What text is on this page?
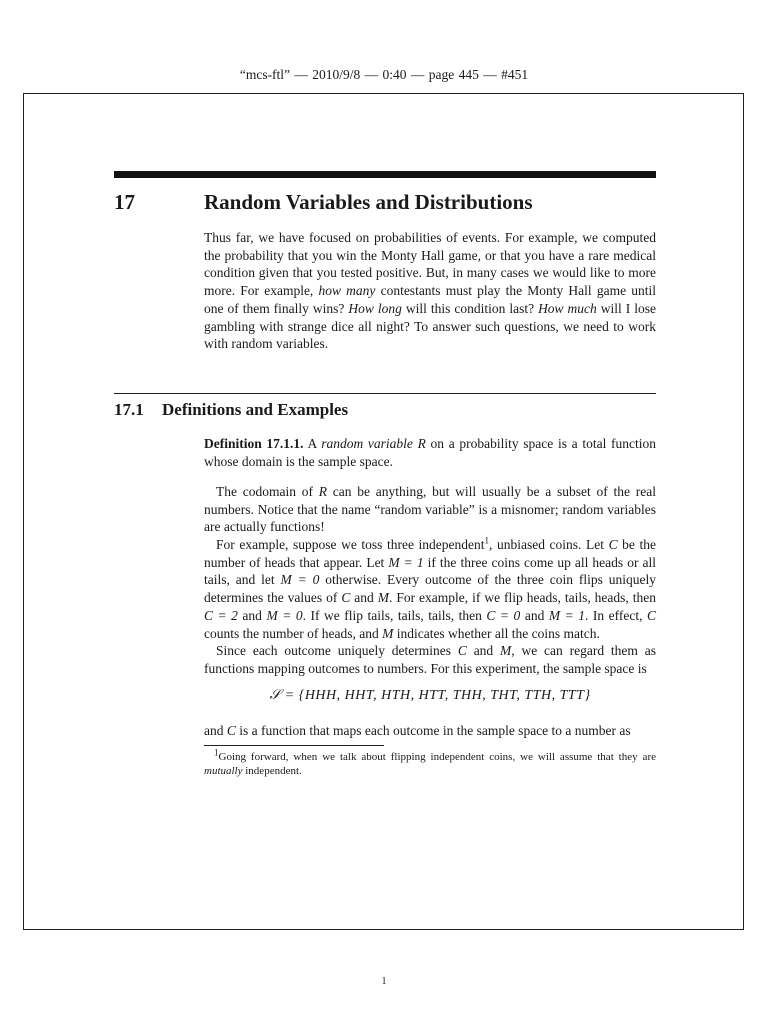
“mcs-ftl” — 2010/9/8 — 0:40 — page 445 — #451
17	Random Variables and Distributions

Thus far, we have focused on probabilities of events. For example, we computed the probability that you win the Monty Hall game, or that you have a rare medical condition given that you tested positive. But, in many cases we would like to more more. For example, how many contestants must play the Monty Hall game until one of them finally wins? How long will this condition last? How much will I lose gambling with strange dice all night? To answer such questions, we need to work with random variables.

17.1 Definitions and Examples

Definition 17.1.1. A random variable R on a probability space is a total function whose domain is the sample space.

The codomain of R can be anything, but will usually be a subset of the real numbers. Notice that the name “random variable” is a misnomer; random variables are actually functions!

For example, suppose we toss three independent$^1$, unbiased coins. Let C be the number of heads that appear. Let M = 1 if the three coins come up all heads or all tails, and let M = 0 otherwise. Every outcome of the three coin flips uniquely determines the values of C and M. For example, if we flip heads, tails, heads, then C = 2 and M = 0. If we flip tails, tails, tails, then C = 0 and M = 1. In effect, C counts the number of heads, and M indicates whether all the coins match.

Since each outcome uniquely determines C and M, we can regard them as functions mapping outcomes to numbers. For this experiment, the sample space is

𝒮 = {HHH, HHT, HTH, HTT, THH, THT, TTH, TTT}

and C is a function that maps each outcome in the sample space to a number as

$^1$Going forward, when we talk about flipping independent coins, we will assume that they are mutually independent.

1
